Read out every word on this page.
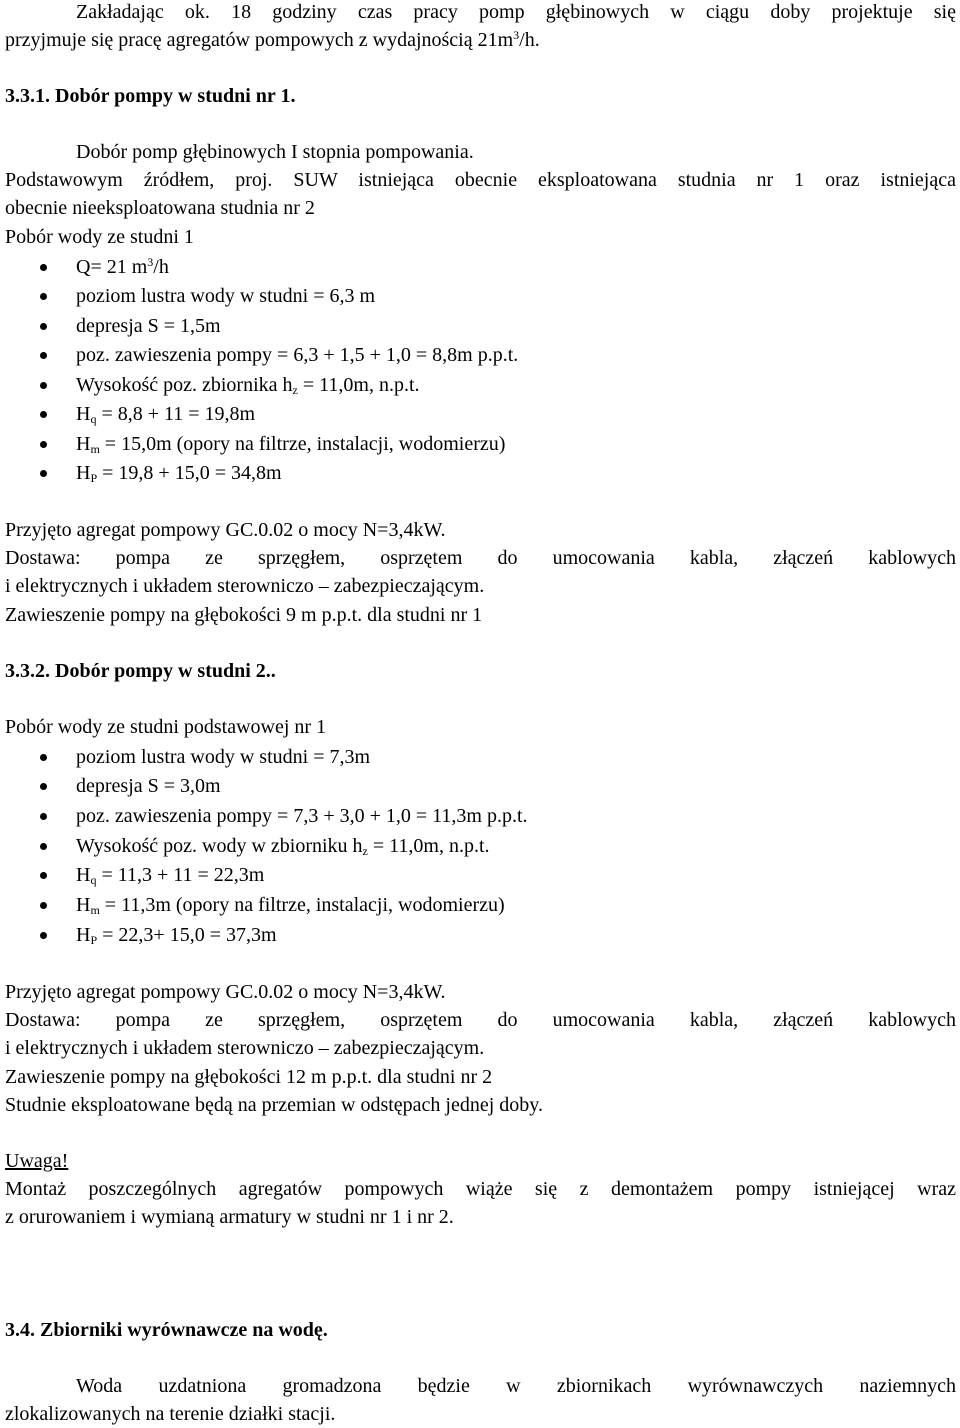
Zakładając ok. 18 godziny czas pracy pomp głębinowych w ciągu doby projektuje się
przyjmuje się pracę agregatów pompowych z wydajnością $21m^3/h$.
3.3.1. Dobór pompy w studni nr 1.
Dobór pomp głębinowych I stopnia pompowania.
Podstawowym źródłem, proj. SUW istniejąca obecnie eksploatowana studnia nr 1 oraz istniejąca
obecnie nieeksploatowana studnia nr 2
Pobór wody ze studni 1
Q= 21 $m^3/h$
poziom lustra wody w studni = 6,3 m
depresja S = 1,5m
poz. zawieszenia pompy = 6,3 + 1,5 + 1,0 = 8,8m p.p.t.
Wysokość poz. zbiornika $h_z = 11,0m$, n.p.t.
$H_q = 8,8 + 11 = 19,8m$
$H_m = 15,0m$ (opory na filtrze, instalacji, wodomierzu)
$H_P = 19,8 + 15,0 = 34,8m$
Przyjęto agregat pompowy GC.0.02 o mocy N=3,4kW.
Dostawa: pompa ze sprzęgłem, osprzętem do umocowania kabla, złączeń kablowych
i elektrycznych i układem sterowniczo – zabezpieczającym.
Zawieszenie pompy na głębokości 9 m p.p.t. dla studni nr 1
3.3.2. Dobór pompy w studni 2..
Pobór wody ze studni podstawowej nr 1
poziom lustra wody w studni = 7,3m
depresja S = 3,0m
poz. zawieszenia pompy = 7,3 + 3,0 + 1,0 = 11,3m p.p.t.
Wysokość poz. wody w zbiorniku $h_z = 11,0m$, n.p.t.
$H_q = 11,3 + 11 = 22,3m$
$H_m = 11,3m$ (opory na filtrze, instalacji, wodomierzu)
$H_P = 22,3+ 15,0 = 37,3m$
Przyjęto agregat pompowy GC.0.02 o mocy N=3,4kW.
Dostawa: pompa ze sprzęgłem, osprzętem do umocowania kabla, złączeń kablowych
i elektrycznych i układem sterowniczo – zabezpieczającym.
Zawieszenie pompy na głębokości 12 m p.p.t. dla studni nr 2
Studnie eksploatowane będą na przemian w odstępach jednej doby.
Uwaga!
Montaż poszczególnych agregatów pompowych wiąże się z demontażem pompy istniejącej wraz
z orurowaniem i wymianą armatury w studni nr 1 i nr 2.
3.4. Zbiorniki wyrównawcze na wodę.
Woda uzdatniona gromadzona będzie w zbiornikach wyrównawczych naziemnych
zlokalizowanych na terenie działki stacji.
